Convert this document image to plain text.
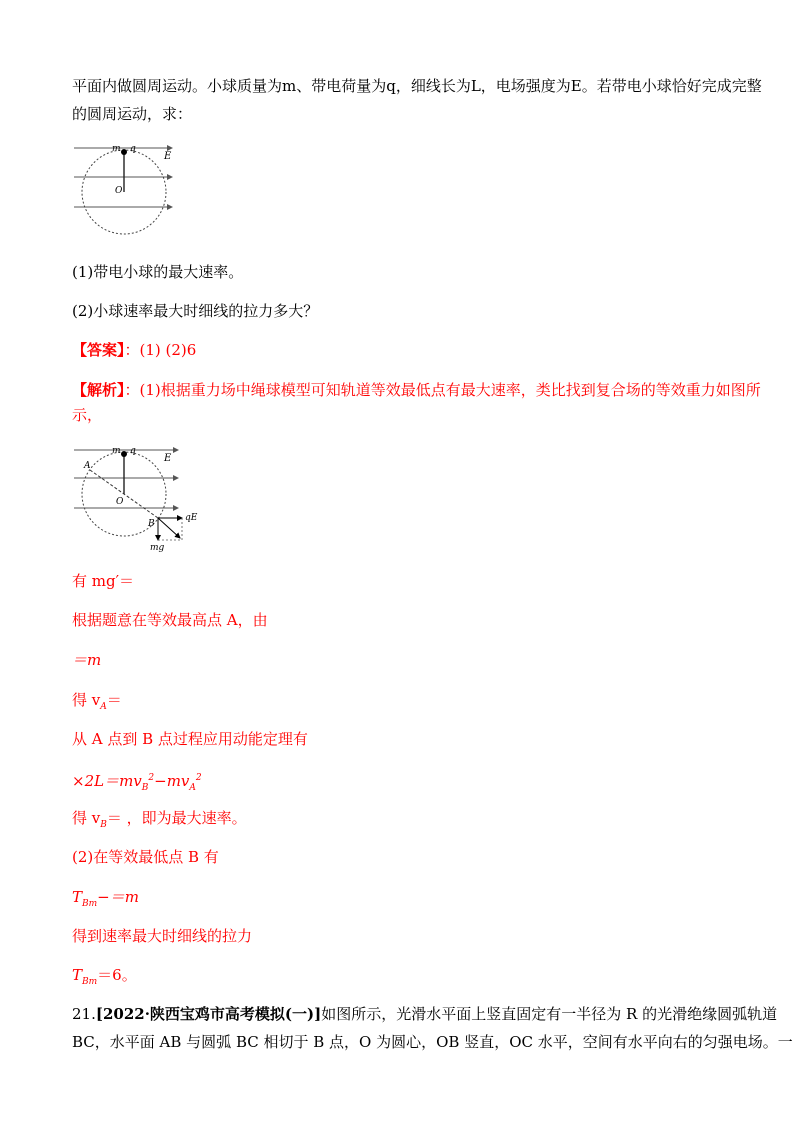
平面内做圆周运动。小球质量为m、带电荷量为q，细线长为L，电场强度为E。若带电小球恰好完成完整
的圆周运动，求：
m q
E
O
(1)带电小球的最大速率。
(2)小球速率最大时细线的拉力多大？
【答案】：(1) (2)6
【解析】：(1)根据重力场中绳球模型可知轨道等效最低点有最大速率，类比找到复合场的等效重力如图所
示，
m q
E
A
O
B
qE
mg
有 mg′＝
根据题意在等效最高点 A，由
＝m
得 $v_A=$
从 A 点到 B 点过程应用动能定理有
$\times 2L=mv_B^2-mv_A^2$
得 $v_B=$ ，即为最大速率。
(2)在等效最低点 B 有
$T_{Bm}-=m$
得到速率最大时细线的拉力
$T_{Bm}=6$。
21.[2022·陕西宝鸡市高考模拟(一)]如图所示，光滑水平面上竖直固定有一半径为 R 的光滑绝缘圆弧轨道
BC，水平面 AB 与圆弧 BC 相切于 B 点，O 为圆心，OB 竖直，OC 水平，空间有水平向右的匀强电场。一
